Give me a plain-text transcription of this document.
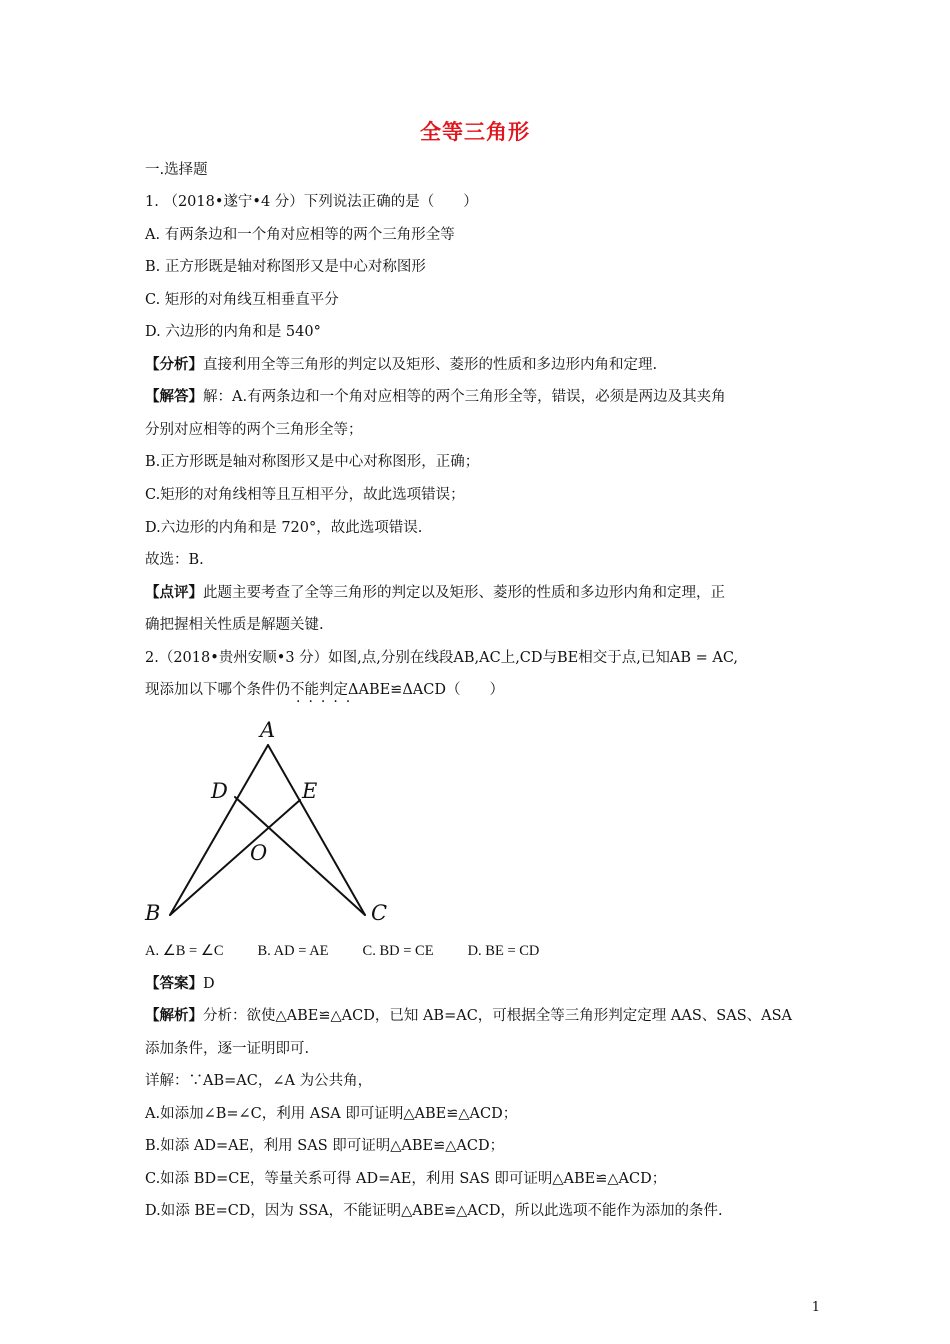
全等三角形
一.选择题
1. （2018•遂宁•4 分）下列说法正确的是（　　）
A. 有两条边和一个角对应相等的两个三角形全等
B. 正方形既是轴对称图形又是中心对称图形
C. 矩形的对角线互相垂直平分
D. 六边形的内角和是 540°
【分析】直接利用全等三角形的判定以及矩形、菱形的性质和多边形内角和定理.
【解答】解：A.有两条边和一个角对应相等的两个三角形全等，错误，必须是两边及其夹角
分别对应相等的两个三角形全等；
B.正方形既是轴对称图形又是中心对称图形，正确；
C.矩形的对角线相等且互相平分，故此选项错误；
D.六边形的内角和是 720°，故此选项错误.
故选：B.
【点评】此题主要考查了全等三角形的判定以及矩形、菱形的性质和多边形内角和定理，正
确把握相关性质是解题关键.
2.（2018•贵州安顺•3 分）如图,点,分别在线段AB,AC上,CD与BE相交于点,已知AB = AC,
现添加以下哪个条件仍不能判定ΔABE≌ΔACD（　　）
·····
A
D	E
O
B	C
A. ∠B = ∠C B. AD = AE C. BD = CE D. BE = CD
【答案】D
【解析】分析：欲使△ABE≌△ACD，已知 AB=AC，可根据全等三角形判定定理 AAS、SAS、ASA
添加条件，逐一证明即可.
详解：∵AB=AC，∠A 为公共角，
A.如添加∠B=∠C，利用 ASA 即可证明△ABE≌△ACD；
B.如添 AD=AE，利用 SAS 即可证明△ABE≌△ACD；
C.如添 BD=CE，等量关系可得 AD=AE，利用 SAS 即可证明△ABE≌△ACD；
D.如添 BE=CD，因为 SSA，不能证明△ABE≌△ACD，所以此选项不能作为添加的条件.
1
